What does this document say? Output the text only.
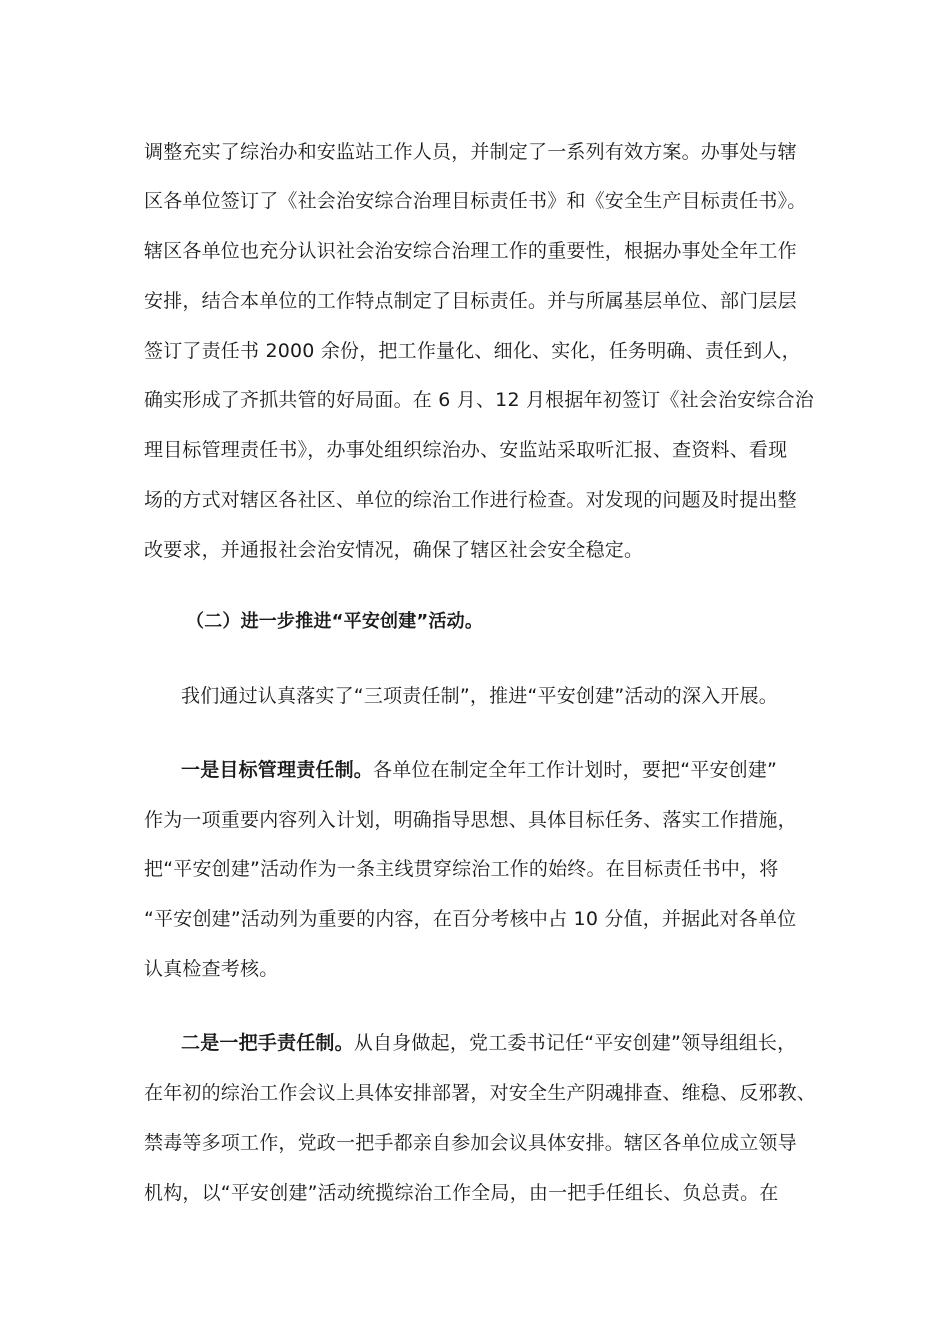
调整充实了综治办和安监站工作人员，并制定了一系列有效方案。办事处与辖
区各单位签订了《社会治安综合治理目标责任书》和《安全生产目标责任书》。
辖区各单位也充分认识社会治安综合治理工作的重要性，根据办事处全年工作
安排，结合本单位的工作特点制定了目标责任。并与所属基层单位、部门层层
签订了责任书 2000 余份，把工作量化、细化、实化，任务明确、责任到人，
确实形成了齐抓共管的好局面。在 6 月、12 月根据年初签订《社会治安综合治
理目标管理责任书》，办事处组织综治办、安监站采取听汇报、查资料、看现
场的方式对辖区各社区、单位的综治工作进行检查。对发现的问题及时提出整
改要求，并通报社会治安情况，确保了辖区社会安全稳定。
（二）进一步推进“平安创建”活动。
我们通过认真落实了“三项责任制”，推进“平安创建”活动的深入开展。
一是目标管理责任制。各单位在制定全年工作计划时，要把“平安创建”
作为一项重要内容列入计划，明确指导思想、具体目标任务、落实工作措施，
把“平安创建”活动作为一条主线贯穿综治工作的始终。在目标责任书中，将
“平安创建”活动列为重要的内容，在百分考核中占 10 分值，并据此对各单位
认真检查考核。
二是一把手责任制。从自身做起，党工委书记任“平安创建”领导组组长，
在年初的综治工作会议上具体安排部署，对安全生产阴魂排查、维稳、反邪教、
禁毒等多项工作，党政一把手都亲自参加会议具体安排。辖区各单位成立领导
机构，以“平安创建”活动统揽综治工作全局，由一把手任组长、负总责。在
